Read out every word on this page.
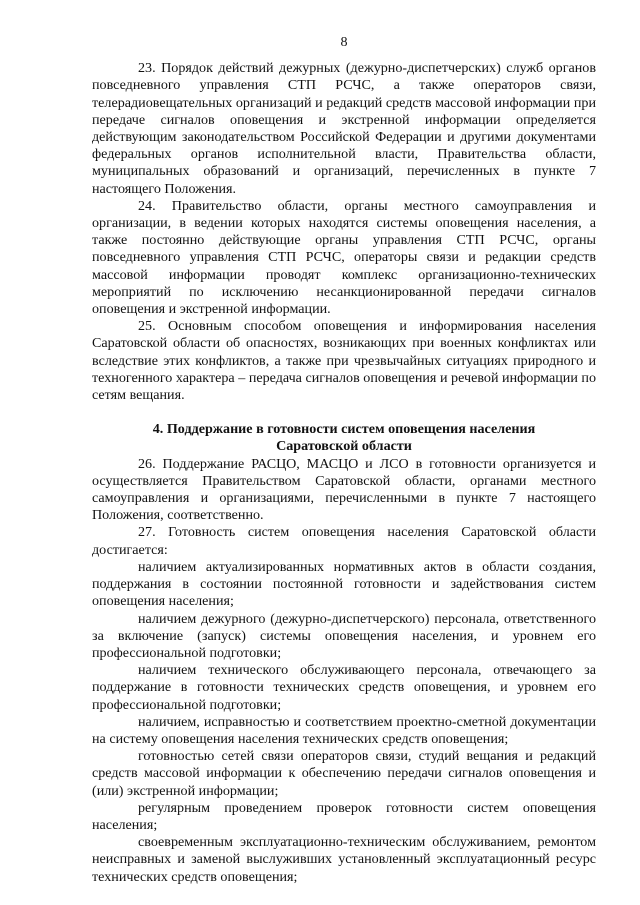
8

23. Порядок действий дежурных (дежурно-диспетчерских) служб органов повседневного управления СТП РСЧС, а также операторов связи, телерадиовещательных организаций и редакций средств массовой информации при передаче сигналов оповещения и экстренной информации определяется действующим законодательством Российской Федерации и другими документами федеральных органов исполнительной власти, Правительства области, муниципальных образований и организаций, перечисленных в пункте 7 настоящего Положения.

24. Правительство области, органы местного самоуправления и организации, в ведении которых находятся системы оповещения населения, а также постоянно действующие органы управления СТП РСЧС, органы повседневного управления СТП РСЧС, операторы связи и редакции средств массовой информации проводят комплекс организационно-технических мероприятий по исключению несанкционированной передачи сигналов оповещения и экстренной информации.

25. Основным способом оповещения и информирования населения Саратовской области об опасностях, возникающих при военных конфликтах или вследствие этих конфликтов, а также при чрезвычайных ситуациях природного и техногенного характера – передача сигналов оповещения и речевой информации по сетям вещания.

4. Поддержание в готовности систем оповещения населения
Саратовской области

26. Поддержание РАСЦО, МАСЦО и ЛСО в готовности организуется и осуществляется Правительством Саратовской области, органами местного самоуправления и организациями, перечисленными в пункте 7 настоящего Положения, соответственно.

27. Готовность систем оповещения населения Саратовской области достигается:

наличием актуализированных нормативных актов в области создания, поддержания в состоянии постоянной готовности и задействования систем оповещения населения;

наличием дежурного (дежурно-диспетчерского) персонала, ответственного за включение (запуск) системы оповещения населения, и уровнем его профессиональной подготовки;

наличием технического обслуживающего персонала, отвечающего за поддержание в готовности технических средств оповещения, и уровнем его профессиональной подготовки;

наличием, исправностью и соответствием проектно-сметной документации на систему оповещения населения технических средств оповещения;

готовностью сетей связи операторов связи, студий вещания и редакций средств массовой информации к обеспечению передачи сигналов оповещения и (или) экстренной информации;

регулярным проведением проверок готовности систем оповещения населения;

своевременным эксплуатационно-техническим обслуживанием, ремонтом неисправных и заменой выслуживших установленный эксплуатационный ресурс технических средств оповещения;
